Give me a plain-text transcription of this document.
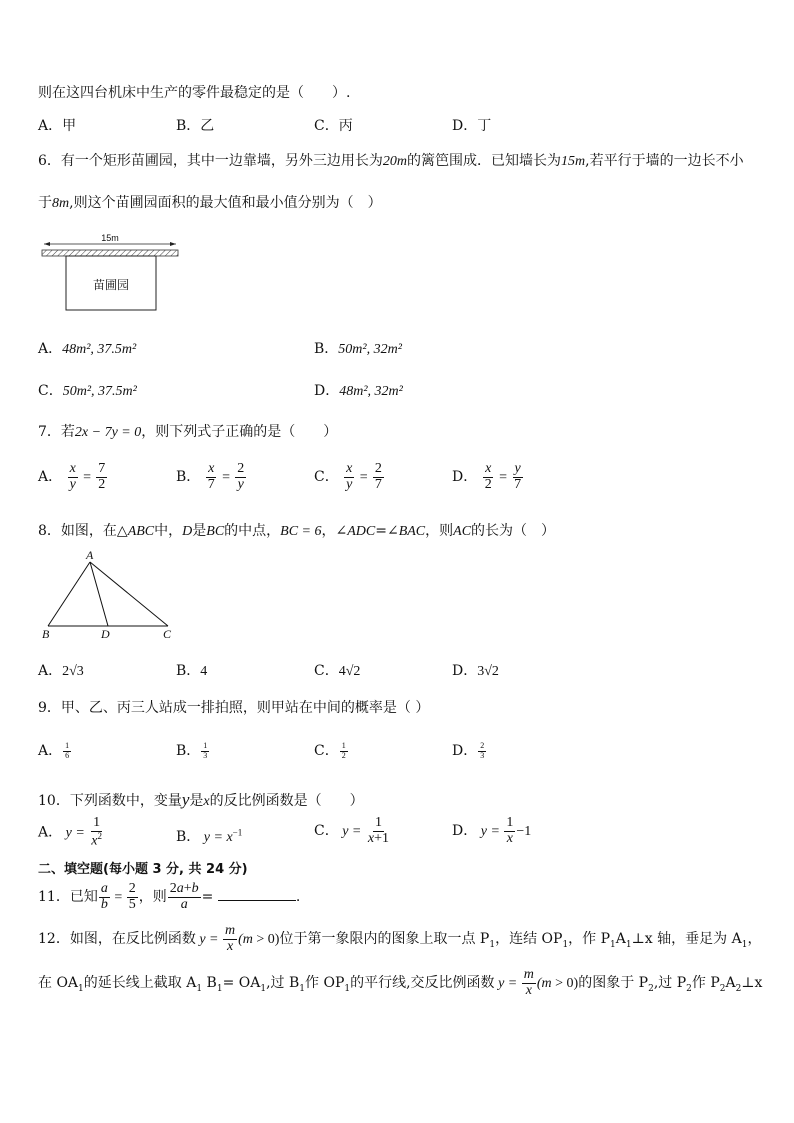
则在这四台机床中生产的零件最稳定的是（　　）.
A．甲	B．乙	C．丙	D．丁
6．有一个矩形苗圃园，其中一边靠墙，另外三边用长为20m的篱笆围成．已知墙长为15m,若平行于墙的一边长不小
于8m,则这个苗圃园面积的最大值和最小值分别为（　）
15m
苗圃园
A．48m², 37.5m²	B．50m², 32m²
C．50m², 37.5m²	D．48m², 32m²
7．若2x − 7y = 0，则下列式子正确的是（　　）
A． $\frac{x}{y} = \frac{7}{2}$	B． $\frac{x}{7} = \frac{2}{y}$	C． $\frac{x}{y} = \frac{2}{7}$	D． $\frac{x}{2} = \frac{y}{7}$
8．如图，在△ABC中，D是BC的中点，BC = 6，∠ADC=∠BAC，则AC的长为（　）
A
B	D	C
A．2√3	B．4	C．4√2	D．3√2
9．甲、乙、丙三人站成一排拍照，则甲站在中间的概率是（ ）
A． $\frac{1}{6}$	B． $\frac{1}{3}$	C． $\frac{1}{2}$	D． $\frac{2}{3}$
10．下列函数中，变量y是x的反比例函数是（　　）
A． $y = \frac{1}{x^2}$	B． $y = x^{-1}$	C． $y = \frac{1}{x+1}$	D． $y = \frac{1}{x} -1$
二、填空题(每小题 3 分, 共 24 分)
11．已知 $\frac{a}{b} = \frac{2}{5}$ ，则 $\frac{2a+b}{a}$ =	.
12．如图，在反比例函数 $y = \frac{m}{x} (m > 0)$位于第一象限内的图象上取一点 $P_1$，连结 $OP_1$，作 $P_1A_1\perp x$ 轴，垂足为 $A_1$，
在 $OA_1$的延长线上截取 $A_1$ $B_1= OA_1$,过 $B_1$作 $OP_1$的平行线,交反比例函数 $y = \frac{m}{x} (m > 0)$的图象于 $P_2$,过 $P_2$作 $P_2A_2\perp x$
